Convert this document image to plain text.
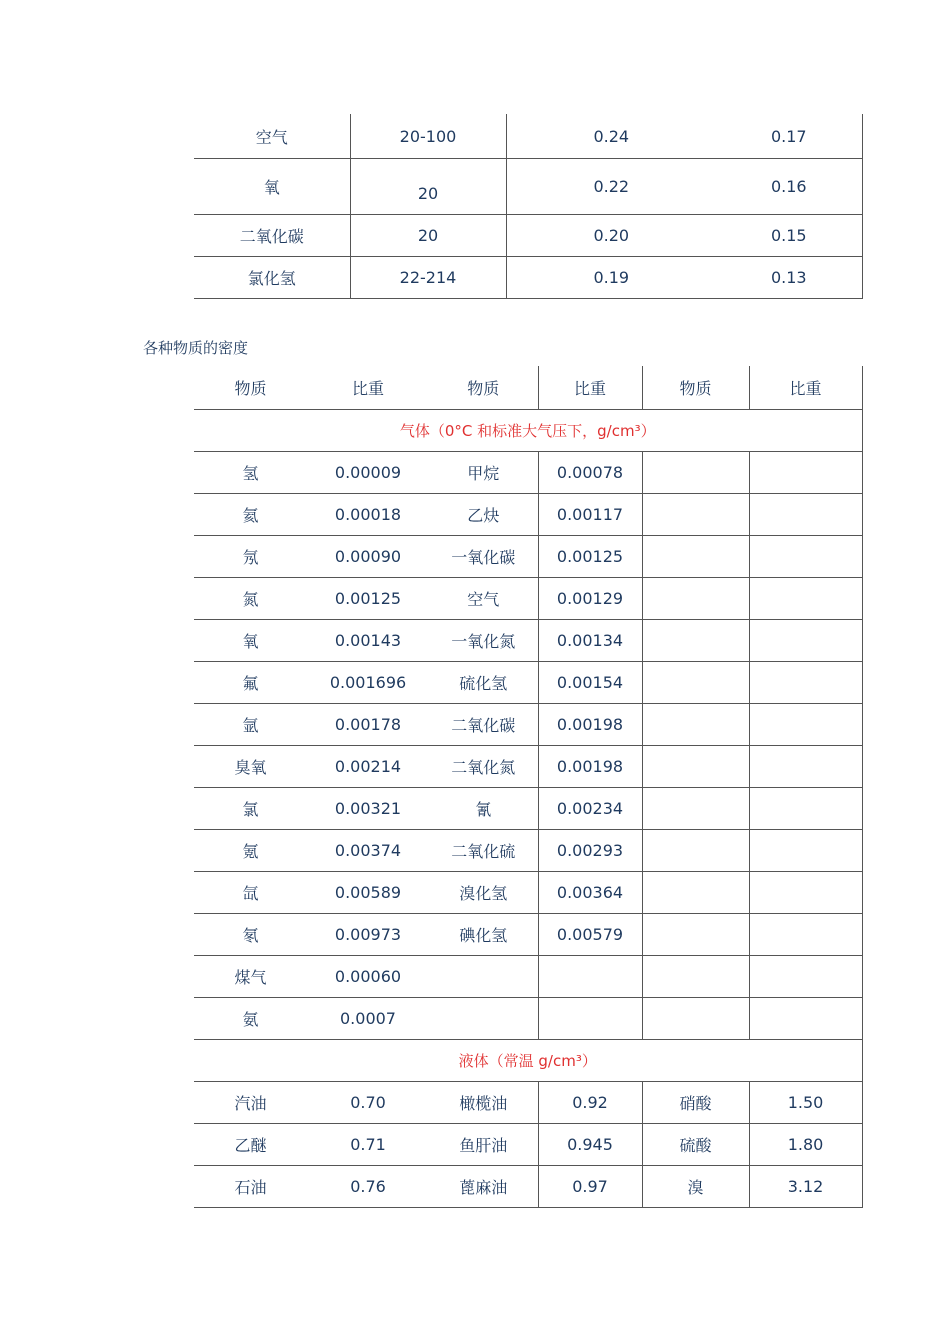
空气	20-100	0.24	0.17
氧	20	0.22	0.16
二氧化碳	20	0.20	0.15
氯化氢	22-214	0.19	0.13
各种物质的密度
物质	比重	物质	比重	物质	比重
气体（0°C 和标准大气压下，g/cm³）					
氢	0.00009	甲烷	0.00078		
氦	0.00018	乙炔	0.00117		
氖	0.00090	一氧化碳	0.00125		
氮	0.00125	空气	0.00129		
氧	0.00143	一氧化氮	0.00134		
氟	0.001696	硫化氢	0.00154		
氩	0.00178	二氧化碳	0.00198		
臭氧	0.00214	二氧化氮	0.00198		
氯	0.00321	氰	0.00234		
氪	0.00374	二氧化硫	0.00293		
氙	0.00589	溴化氢	0.00364		
氡	0.00973	碘化氢	0.00579		
煤气	0.00060				
氨	0.0007				
液体（常温 g/cm³）					
汽油	0.70	橄榄油	0.92	硝酸	1.50
乙醚	0.71	鱼肝油	0.945	硫酸	1.80
石油	0.76	蓖麻油	0.97	溴	3.12
